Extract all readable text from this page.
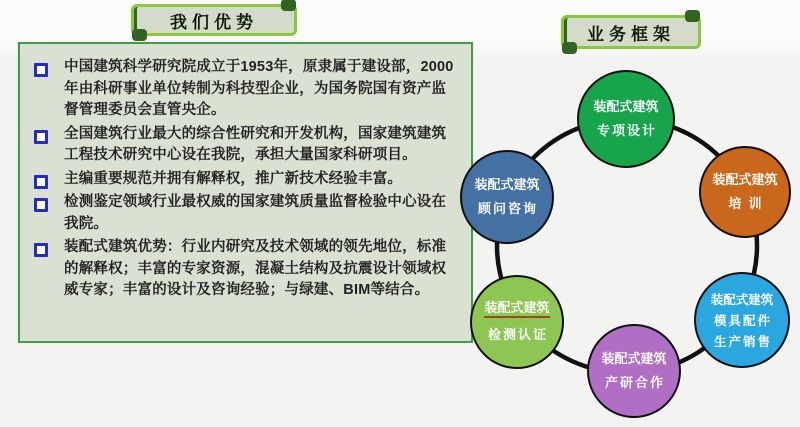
我们优势
中国建筑科学研究院成立于1953年，原隶属于建设部，2000年由科研事业单位转制为科技型企业，为国务院国有资产监督管理委员会直管央企。
全国建筑行业最大的综合性研究和开发机构，国家建筑建筑工程技术研究中心设在我院，承担大量国家科研项目。
主编重要规范并拥有解释权，推广新技术经验丰富。
检测鉴定领域行业最权威的国家建筑质量监督检验中心设在我院。
装配式建筑优势：行业内研究及技术领域的领先地位，标准的解释权；丰富的专家资源，混凝土结构及抗震设计领域权威专家；丰富的设计及咨询经验；与绿建、BIM等结合。
业务框架
装配式建筑
专项设计
装配式建筑
培训
装配式建筑
模具配件
生产销售
装配式建筑
产研合作
装配式建筑
检测认证
装配式建筑
顾问咨询
